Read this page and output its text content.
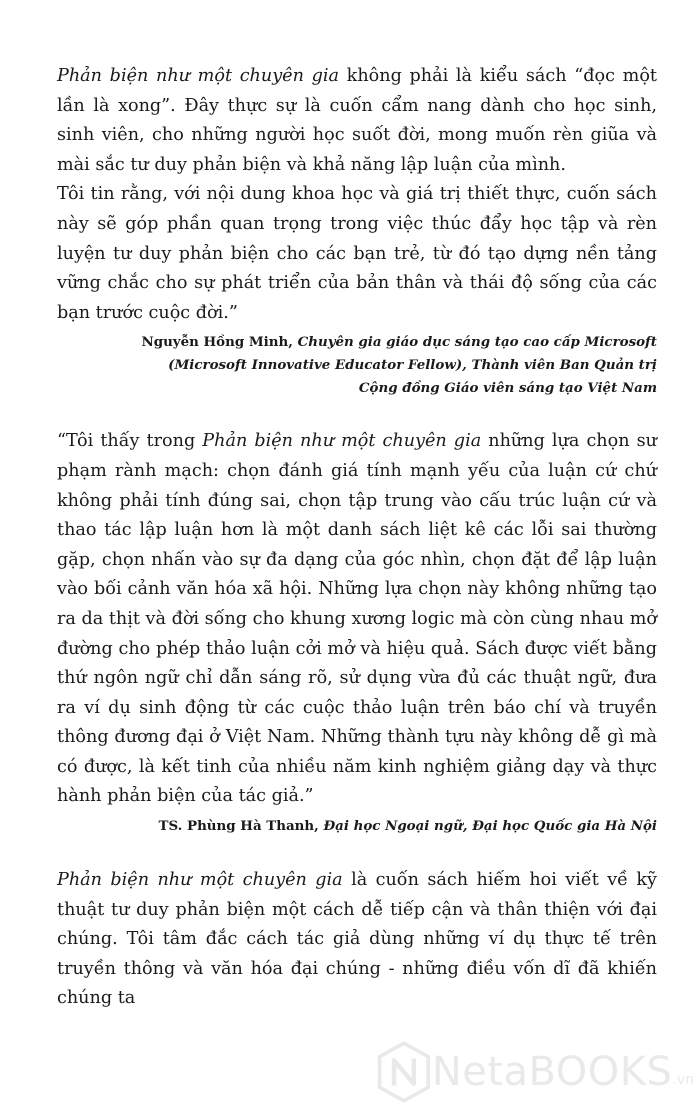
Phản biện như một chuyên gia không phải là kiểu sách “đọc một lần là xong”. Đây thực sự là cuốn cẩm nang dành cho học sinh, sinh viên, cho những người học suốt đời, mong muốn rèn giũa và mài sắc tư duy phản biện và khả năng lập luận của mình.

Tôi tin rằng, với nội dung khoa học và giá trị thiết thực, cuốn sách này sẽ góp phần quan trọng trong việc thúc đẩy học tập và rèn luyện tư duy phản biện cho các bạn trẻ, từ đó tạo dựng nền tảng vững chắc cho sự phát triển của bản thân và thái độ sống của các bạn trước cuộc đời.”

Nguyễn Hồng Minh, Chuyên gia giáo dục sáng tạo cao cấp Microsoft
(Microsoft Innovative Educator Fellow), Thành viên Ban Quản trị
Cộng đồng Giáo viên sáng tạo Việt Nam

“Tôi thấy trong Phản biện như một chuyên gia những lựa chọn sư phạm rành mạch: chọn đánh giá tính mạnh yếu của luận cứ chứ không phải tính đúng sai, chọn tập trung vào cấu trúc luận cứ và thao tác lập luận hơn là một danh sách liệt kê các lỗi sai thường gặp, chọn nhấn vào sự đa dạng của góc nhìn, chọn đặt để lập luận vào bối cảnh văn hóa xã hội. Những lựa chọn này không những tạo ra da thịt và đời sống cho khung xương logic mà còn cùng nhau mở đường cho phép thảo luận cởi mở và hiệu quả. Sách được viết bằng thứ ngôn ngữ chỉ dẫn sáng rõ, sử dụng vừa đủ các thuật ngữ, đưa ra ví dụ sinh động từ các cuộc thảo luận trên báo chí và truyền thông đương đại ở Việt Nam. Những thành tựu này không dễ gì mà có được, là kết tinh của nhiều năm kinh nghiệm giảng dạy và thực hành phản biện của tác giả.”

TS. Phùng Hà Thanh, Đại học Ngoại ngữ, Đại học Quốc gia Hà Nội

Phản biện như một chuyên gia là cuốn sách hiếm hoi viết về kỹ thuật tư duy phản biện một cách dễ tiếp cận và thân thiện với đại chúng. Tôi tâm đắc cách tác giả dùng những ví dụ thực tế trên truyền thông và văn hóa đại chúng - những điều vốn dĩ đã khiến chúng ta

NetaBOOKS .vn
